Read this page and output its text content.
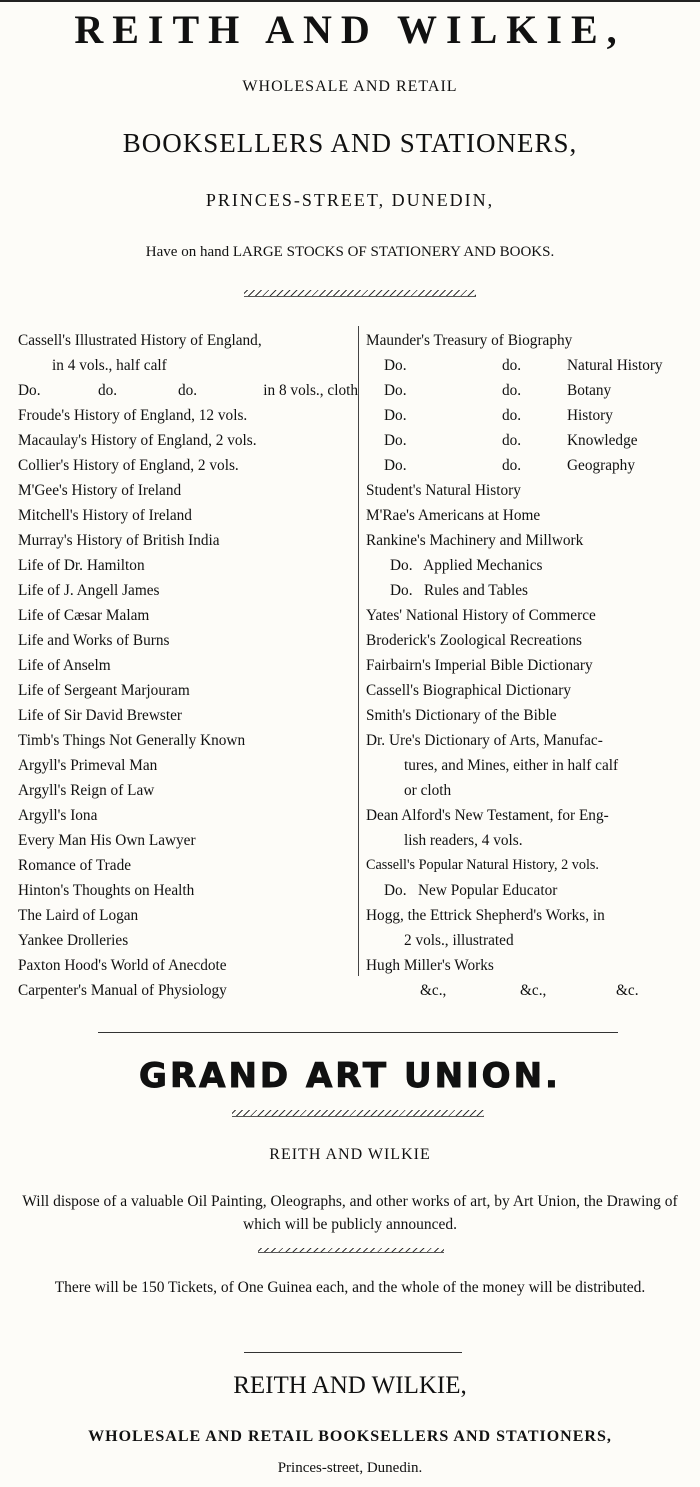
REITH AND WILKIE,
WHOLESALE AND RETAIL
BOOKSELLERS AND STATIONERS,
PRINCES-STREET, DUNEDIN,
Have on hand LARGE STOCKS OF STATIONERY AND BOOKS.
Cassell's Illustrated History of England,
in 4 vols., half calf
Do.	do.	do.	in 8 vols., cloth
Froude's History of England, 12 vols.
Macaulay's History of England, 2 vols.
Collier's History of England, 2 vols.
M'Gee's History of Ireland
Mitchell's History of Ireland
Murray's History of British India
Life of Dr. Hamilton
Life of J. Angell James
Life of Cæsar Malam
Life and Works of Burns
Life of Anselm
Life of Sergeant Marjouram
Life of Sir David Brewster
Timb's Things Not Generally Known
Argyll's Primeval Man
Argyll's Reign of Law
Argyll's Iona
Every Man His Own Lawyer
Romance of Trade
Hinton's Thoughts on Health
The Laird of Logan
Yankee Drolleries
Paxton Hood's World of Anecdote
Carpenter's Manual of Physiology
Maunder's Treasury of Biography
Do.	do.	Natural History
Do.	do.	Botany
Do.	do.	History
Do.	do.	Knowledge
Do.	do.	Geography
Student's Natural History
M'Rae's Americans at Home
Rankine's Machinery and Millwork
Do.   Applied Mechanics
Do.   Rules and Tables
Yates' National History of Commerce
Broderick's Zoological Recreations
Fairbairn's Imperial Bible Dictionary
Cassell's Biographical Dictionary
Smith's Dictionary of the Bible
Dr. Ure's Dictionary of Arts, Manufac-
tures, and Mines, either in half calf
or cloth
Dean Alford's New Testament, for Eng-
lish readers, 4 vols.
Cassell's Popular Natural History, 2 vols.
Do.   New Popular Educator
Hogg, the Ettrick Shepherd's Works, in
2 vols., illustrated
Hugh Miller's Works
&c.,	&c.,	&c.
GRAND ART UNION.
REITH AND WILKIE
Will dispose of a valuable Oil Painting, Oleographs, and other works of art, by Art Union, the Drawing of which will be publicly announced.
There will be 150 Tickets, of One Guinea each, and the whole of the money will be distributed.
REITH AND WILKIE,
WHOLESALE AND RETAIL BOOKSELLERS AND STATIONERS,
Princes-street, Dunedin.
